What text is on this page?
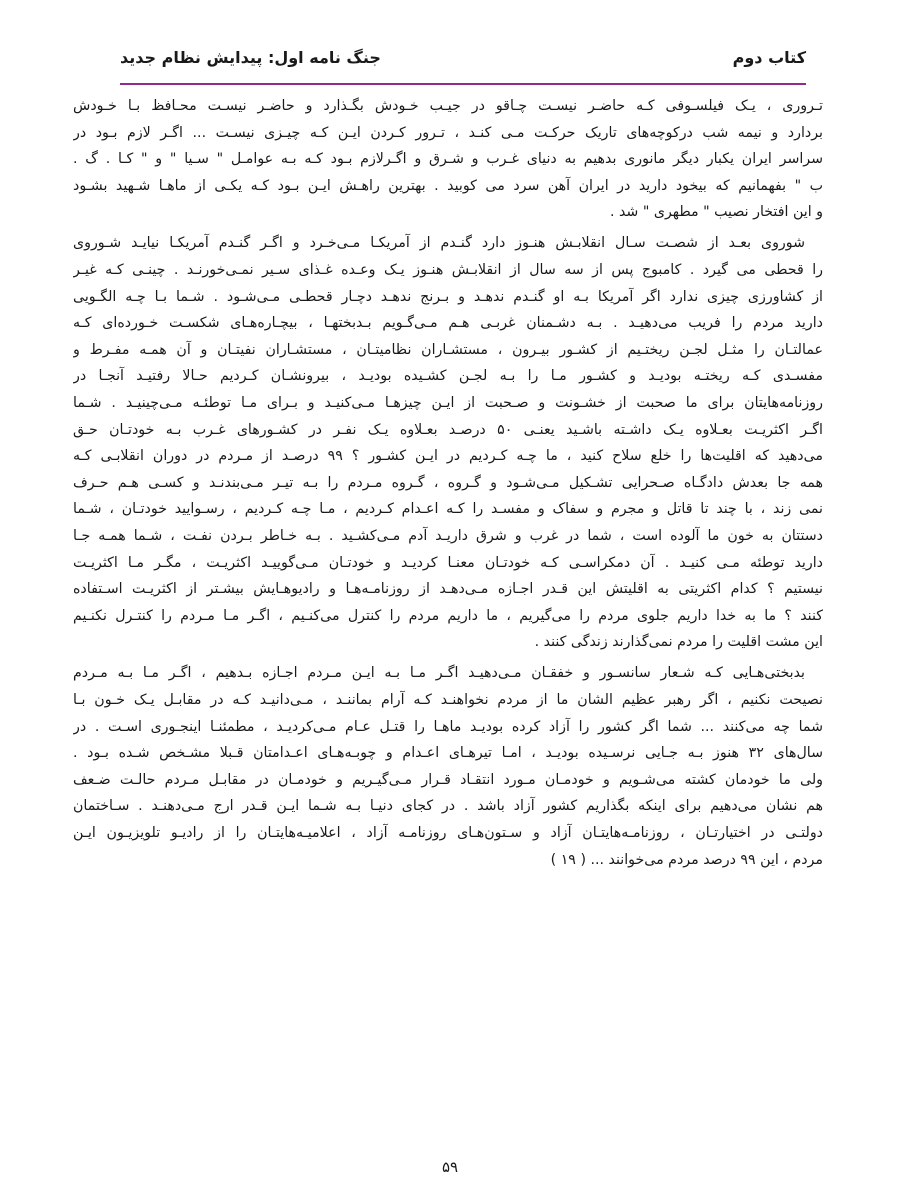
کتاب دوم
جنگ نامه اول: پیدایش نظام جدید
تـروری ، یـک فیلسـوفی کـه حاضـر نیسـت چـاقو در جیـب خـودش بگـذارد و حاضـر نیسـت محـافظ بـا خـودش
بردارد و نیمه شب درکوچه‌های تاریک حرکـت مـی کنـد ، تـرور کـردن ایـن کـه چیـزی نیسـت ... اگـر لازم بـود در
سراسر ایران یکبار دیگر مانوری بدهیم به دنیای غـرب و شـرق و اگـرلازم بـود کـه بـه عوامـل " سـیا " و " کـا . گ .
ب " بفهمانیم که بیخود دارید در ایران آهن سرد می کوبید . بهترین راهـش ایـن بـود کـه یکـی از ماهـا شـهید بشـود
و این افتخار نصیب " مطهری " شد .
شوروی بعـد از شصـت سـال انقلابـش هنـوز دارد گنـدم از آمریکـا مـی‌خـرد و اگـر گنـدم آمریکـا نیایـد شـوروی
را قحطی می گیرد . کامبوج پس از سه سال از انقلابـش هنـوز یـک وعـده غـذای سـیر نمـی‌خورنـد . چینـی کـه غیـر
از کشاورزی چیزی ندارد اگر آمریکا بـه او گنـدم ندهـد و بـرنج ندهـد دچـار قحطـی مـی‌شـود . شـما بـا چـه الگـویی
دارید مردم را فریب می‌دهیـد . بـه دشـمنان غربـی هـم مـی‌گـویم بـدبختهـا ، بیچـاره‌هـای شکسـت خـورده‌ای کـه
عمالتـان را مثـل لجـن ریختـیم از کشـور بیـرون ، مستشـاران نظامیتـان ، مستشـاران نفیتـان و آن همـه مفـرط و
مفسـدی کـه ریختـه بودیـد و کشـور مـا را بـه لجـن کشـیده بودیـد ، بیرونشـان کـردیم حـالا رفتیـد آنجـا در
روزنامه‌هایتان برای ما صحبت از خشـونت و صـحبت از ایـن چیزهـا مـی‌کنیـد و بـرای مـا توطئـه مـی‌چینیـد . شـما
اگـر اکثریـت بعـلاوه یـک داشـته باشـید یعنـی ۵۰ درصـد بعـلاوه یـک نفـر در کشـورهای غـرب بـه خودتـان حـق
می‌دهید که اقلیت‌ها را خلع سلاح کنید ، ما چـه کـردیم در ایـن کشـور ؟ ۹۹ درصـد از مـردم در دوران انقلابـی کـه
همه جا بعدش دادگـاه صـحرایی تشـکیل مـی‌شـود و گـروه ، گـروه مـردم را بـه تیـر مـی‌بندنـد و کسـی هـم حـرف
نمی زند ، با چند تا قاتل و مجرم و سفاک و مفسـد را کـه اعـدام کـردیم ، مـا چـه کـردیم ، رسـوایید خودتـان ، شـما
دستتان به خون ما آلوده است ، شما در غرب و شرق داریـد آدم مـی‌کشـید . بـه خـاطر بـردن نفـت ، شـما همـه جـا
دارید توطئه مـی کنیـد . آن دمکراسـی کـه خودتـان معنـا کردیـد و خودتـان مـی‌گوییـد اکثریـت ، مگـر مـا اکثریـت
نیستیم ؟ کدام اکثریتی به اقلیتش این قـدر اجـازه مـی‌دهـد از روزنامـه‌هـا و رادیوهـایش بیشـتر از اکثریـت اسـتفاده
کنند ؟ ما به خدا داریم جلوی مردم را می‌گیریم ، ما داریم مردم را کنترل می‌کنـیم ، اگـر مـا مـردم را کنتـرل نکنـیم
این مشت اقلیت را مردم نمی‌گذارند زندگی کنند .
بدبختی‌هـایی کـه شـعار سانسـور و خفقـان مـی‌دهیـد اگـر مـا بـه ایـن مـردم اجـازه بـدهیم ، اگـر مـا بـه مـردم
نصیحت نکنیم ، اگر رهبر عظیم الشان ما از مردم نخواهنـد کـه آرام بماننـد ، مـی‌دانیـد کـه در مقابـل یـک خـون بـا
شما چه می‌کنند ... شما اگر کشور را آزاد کرده بودیـد ماهـا را قتـل عـام مـی‌کردیـد ، مطمئنـا اینجـوری اسـت . در
سال‌های ۳۲ هنوز بـه جـایی نرسـیده بودیـد ، امـا تیرهـای اعـدام و چوبـه‌هـای اعـدامتان قـبلا مشـخص شـده بـود .
ولی ما خودمان کشته می‌شـویم و خودمـان مـورد انتقـاد قـرار مـی‌گیـریم و خودمـان در مقابـل مـردم حالـت ضـعف
هم نشان می‌دهیم برای اینکه بگذاریم کشور آزاد باشد . در کجای دنیـا بـه شـما ایـن قـدر ارج مـی‌دهنـد . سـاختمان
دولتـی در اختیارتـان ، روزنامـه‌هایتـان آزاد و سـتون‌هـای روزنامـه آزاد ، اعلامیـه‌هایتـان را از رادیـو تلویزیـون ایـن
مردم ، این ۹۹ درصد مردم می‌خوانند ... ( ۱۹ )
۵۹
